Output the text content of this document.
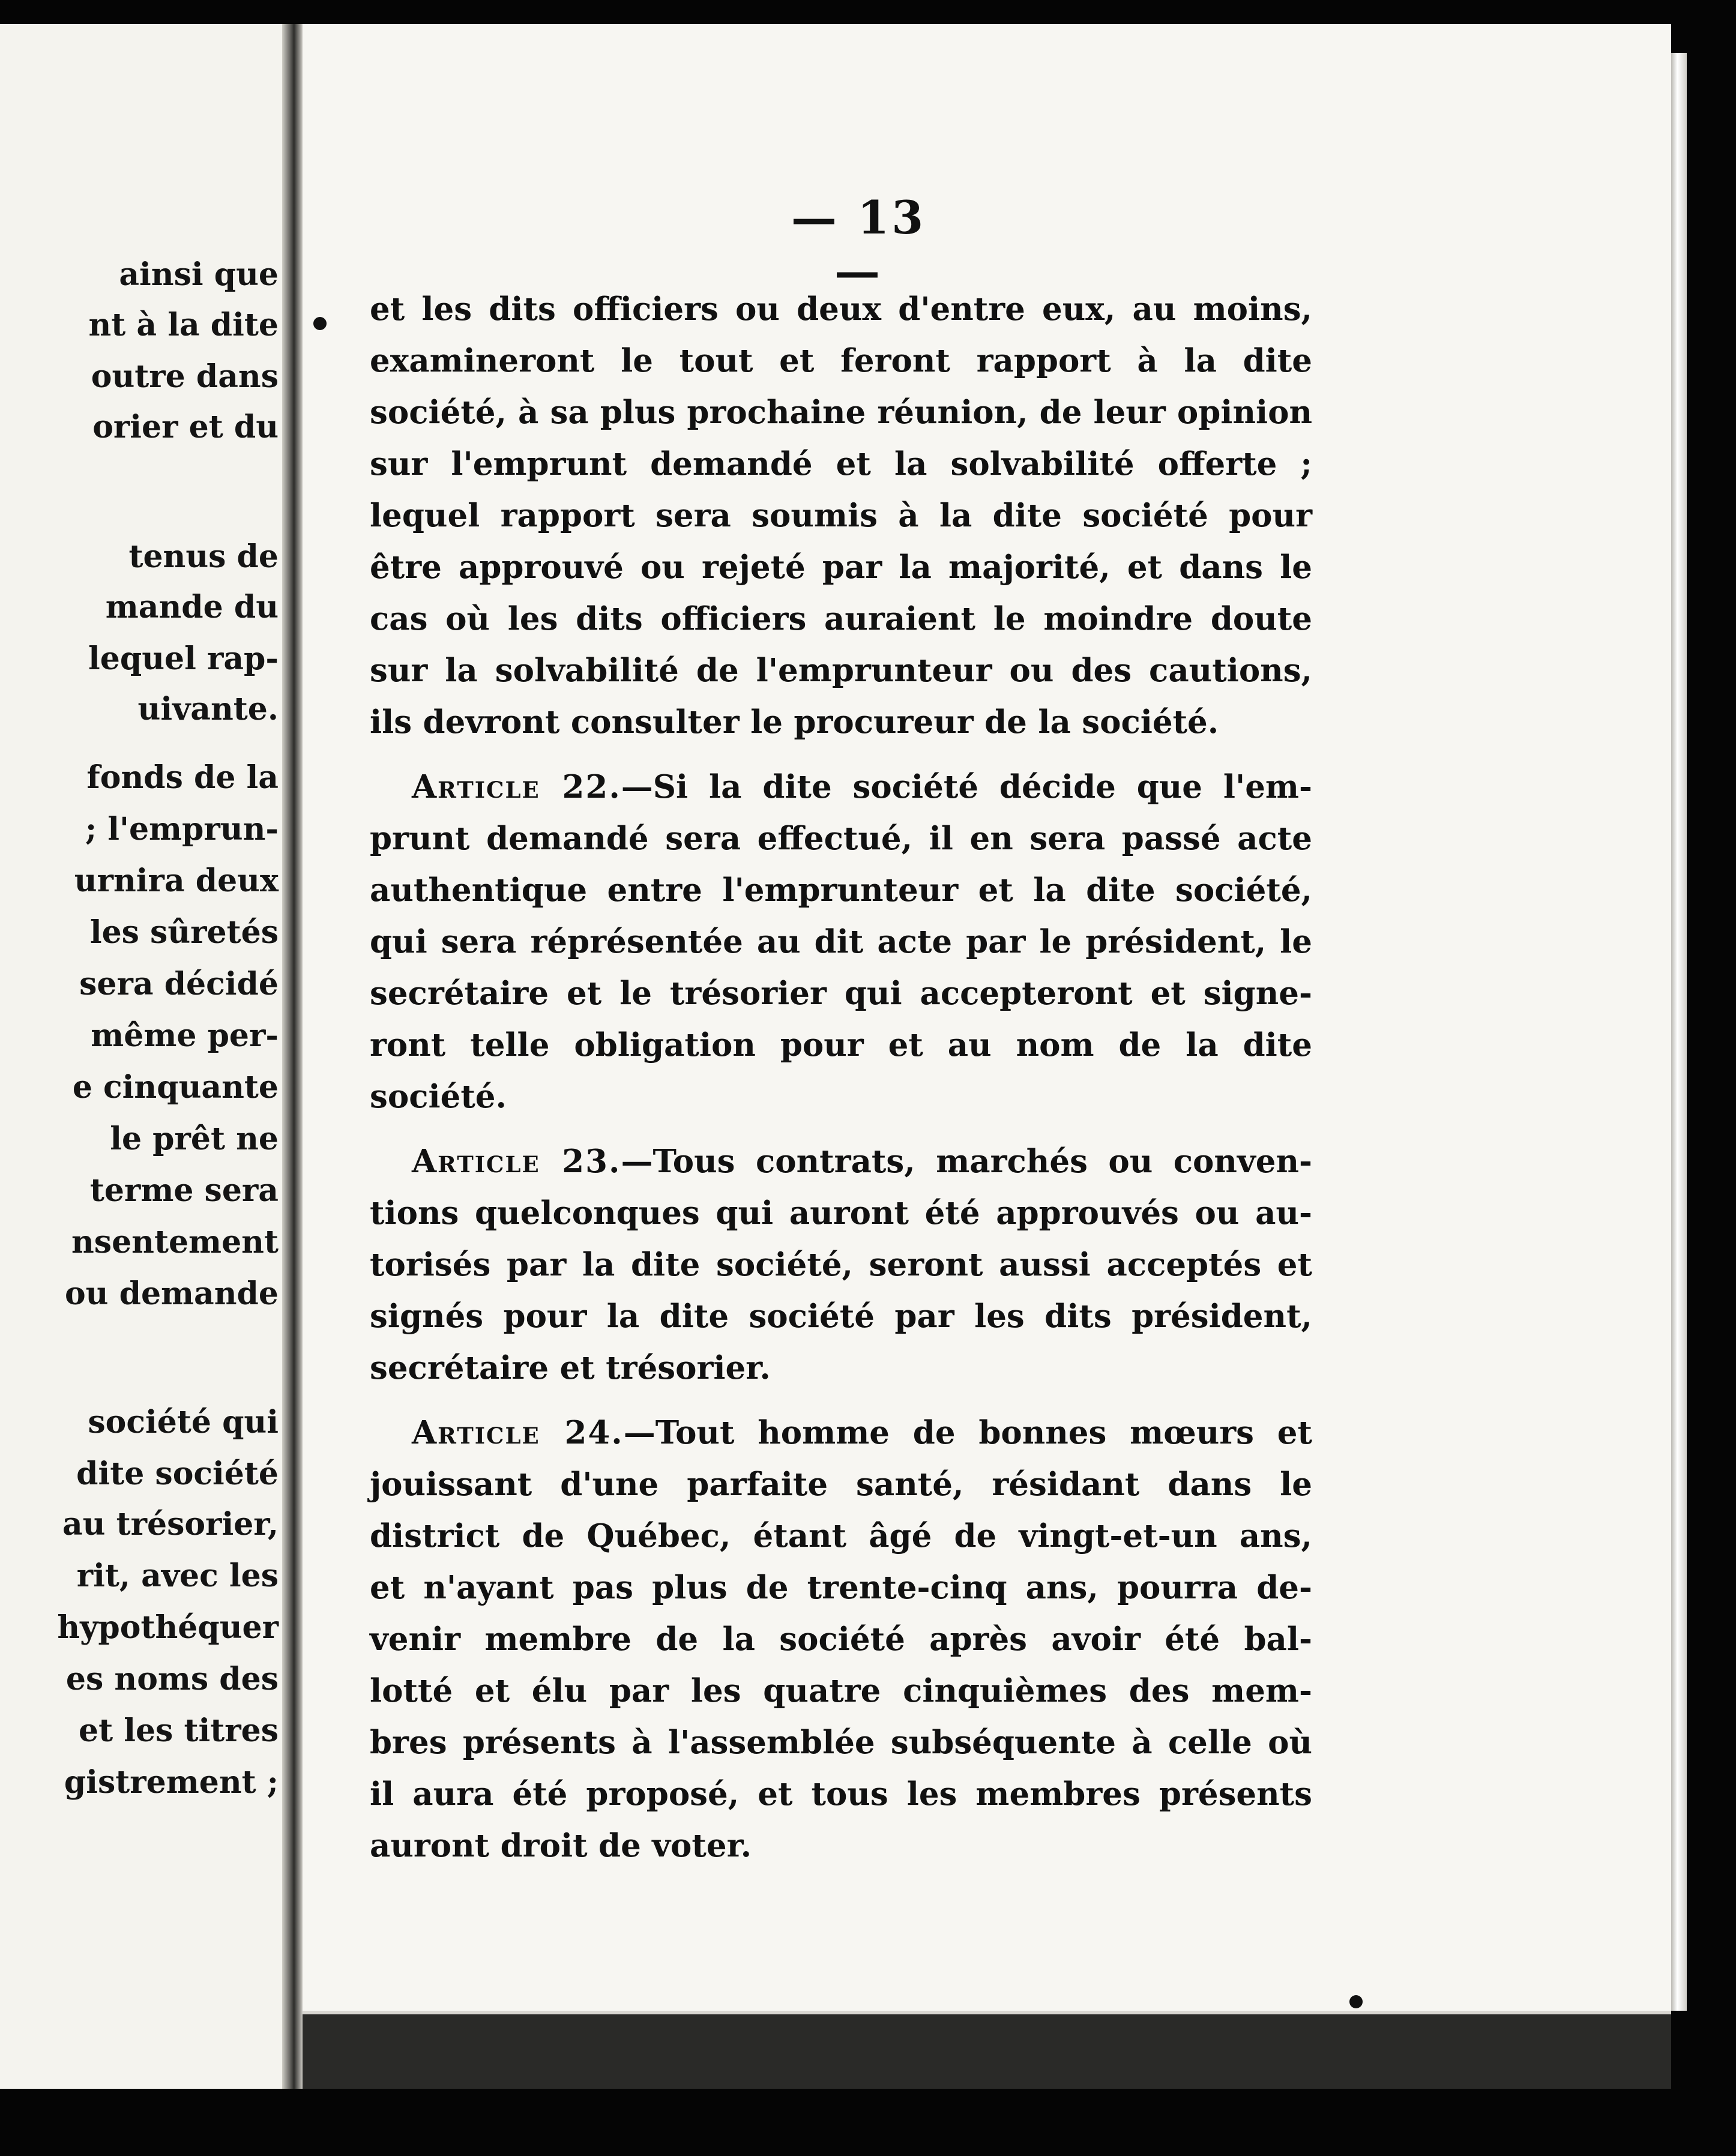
ainsi que
nt à la dite
outre dans
orier et du
tenus de
mande du
lequel rap-
uivante.
fonds de la
; l'emprun-
urnira deux
les sûretés
sera décidé
même per-
e cinquante
le prêt ne
terme sera
nsentement
ou demande
société qui
dite société
au trésorier,
rit, avec les
hypothéquer
es noms des
et les titres
gistrement ;
— 13 —
et les dits officiers ou deux d'entre eux, au moins,
examineront le tout et feront rapport à la dite
société, à sa plus prochaine réunion, de leur opinion
sur l'emprunt demandé et la solvabilité offerte ;
lequel rapport sera soumis à la dite société pour
être approuvé ou rejeté par la majorité, et dans le
cas où les dits officiers auraient le moindre doute
sur la solvabilité de l'emprunteur ou des cautions,
ils devront consulter le procureur de la société.
Article 22.—Si la dite société décide que l'em-
prunt demandé sera effectué, il en sera passé acte
authentique entre l'emprunteur et la dite société,
qui sera réprésentée au dit acte par le président, le
secrétaire et le trésorier qui accepteront et signe-
ront telle obligation pour et au nom de la dite
société.
Article 23.—Tous contrats, marchés ou conven-
tions quelconques qui auront été approuvés ou au-
torisés par la dite société, seront aussi acceptés et
signés pour la dite société par les dits président,
secrétaire et trésorier.
Article 24.—Tout homme de bonnes mœurs et
jouissant d'une parfaite santé, résidant dans le
district de Québec, étant âgé de vingt-et-un ans,
et n'ayant pas plus de trente-cinq ans, pourra de-
venir membre de la société après avoir été bal-
lotté et élu par les quatre cinquièmes des mem-
bres présents à l'assemblée subséquente à celle où
il aura été proposé, et tous les membres présents
auront droit de voter.
